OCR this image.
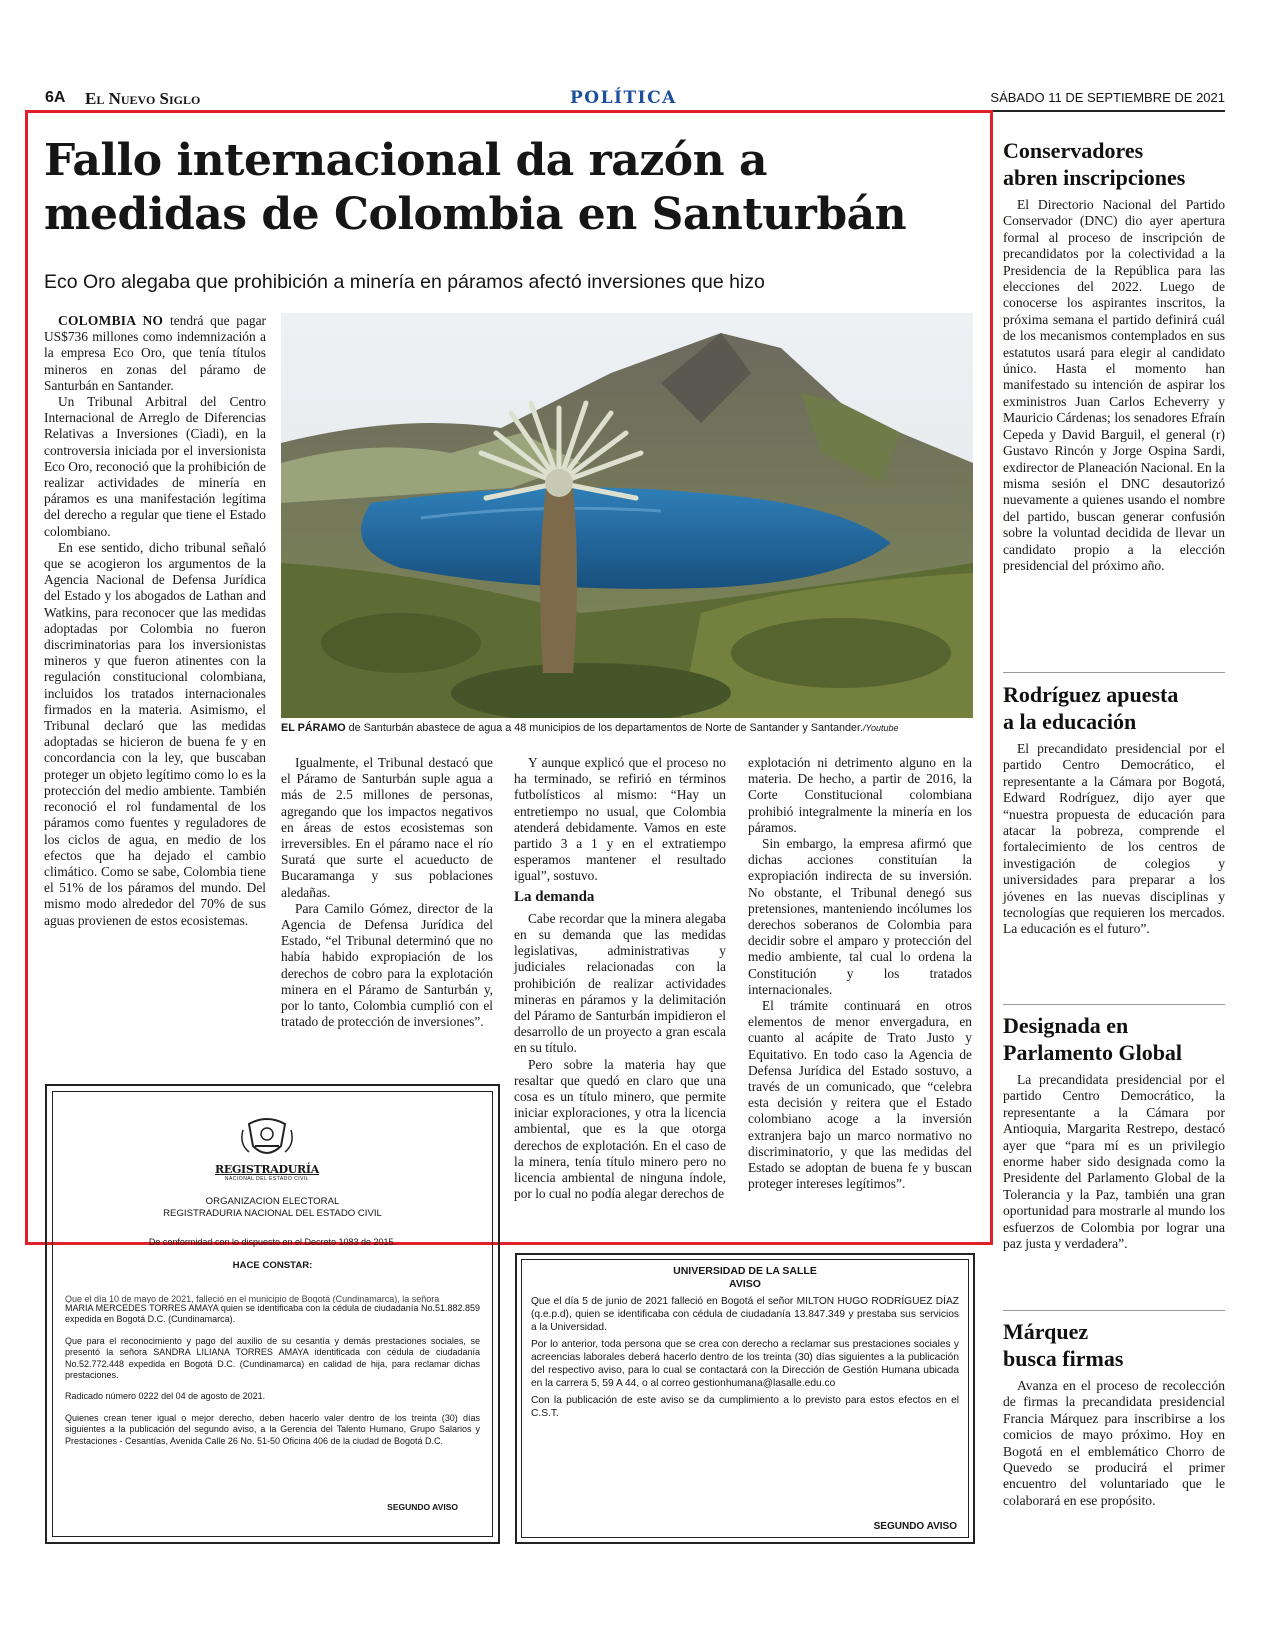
6A El Nuevo Siglo	POLÍTICA	SÁBADO 11 DE SEPTIEMBRE DE 2021
Fallo internacional da razón a
medidas de Colombia en Santurbán
Eco Oro alegaba que prohibición a minería en páramos afectó inversiones que hizo

COLOMBIA NO tendrá que pagar US$736 millones como indemnización a la empresa Eco Oro, que tenía títulos mineros en zonas del páramo de Santurbán en Santander.

Un Tribunal Arbitral del Centro Internacional de Arreglo de Diferencias Relativas a Inversiones (Ciadi), en la controversia iniciada por el inversionista Eco Oro, reconoció que la prohibición de realizar actividades de minería en páramos es una manifestación legítima del derecho a regular que tiene el Estado colombiano.

En ese sentido, dicho tribunal señaló que se acogieron los argumentos de la Agencia Nacional de Defensa Jurídica del Estado y los abogados de Lathan and Watkins, para reconocer que las medidas adoptadas por Colombia no fueron discriminatorias para los inversionistas mineros y que fueron atinentes con la regulación constitucional colombiana, incluidos los tratados internacionales firmados en la materia. Asimismo, el Tribunal declaró que las medidas adoptadas se hicieron de buena fe y en concordancia con la ley, que buscaban proteger un objeto legítimo como lo es la protección del medio ambiente. También reconoció el rol fundamental de los páramos como fuentes y reguladores de los ciclos de agua, en medio de los efectos que ha dejado el cambio climático. Como se sabe, Colombia tiene el 51% de los páramos del mundo. Del mismo modo alrededor del 70% de sus aguas provienen de estos ecosistemas.

EL PÁRAMO de Santurbán abastece de agua a 48 municipios de los departamentos de Norte de Santander y Santander./Youtube

Igualmente, el Tribunal destacó que el Páramo de Santurbán suple agua a más de 2.5 millones de personas, agregando que los impactos negativos en áreas de estos ecosistemas son irreversibles. En el páramo nace el río Suratá que surte el acueducto de Bucaramanga y sus poblaciones aledañas.

Para Camilo Gómez, director de la Agencia de Defensa Jurídica del Estado, “el Tribunal determinó que no había habido expropiación de los derechos de cobro para la explotación minera en el Páramo de Santurbán y, por lo tanto, Colombia cumplió con el tratado de protección de inversiones”.

Y aunque explicó que el proceso no ha terminado, se refirió en términos futbolísticos al mismo: “Hay un entretiempo no usual, que Colombia atenderá debidamente. Vamos en este partido 3 a 1 y en el extratiempo esperamos mantener el resultado igual”, sostuvo.

La demanda

Cabe recordar que la minera alegaba en su demanda que las medidas legislativas, administrativas y judiciales relacionadas con la prohibición de realizar actividades mineras en páramos y la delimitación del Páramo de Santurbán impidieron el desarrollo de un proyecto a gran escala en su título.

Pero sobre la materia hay que resaltar que quedó en claro que una cosa es un título minero, que permite iniciar exploraciones, y otra la licencia ambiental, que es la que otorga derechos de explotación. En el caso de la minera, tenía título minero pero no licencia ambiental de ninguna índole, por lo cual no podía alegar derechos de

explotación ni detrimento alguno en la materia. De hecho, a partir de 2016, la Corte Constitucional colombiana prohibió integralmente la minería en los páramos.

Sin embargo, la empresa afirmó que dichas acciones constituían la expropiación indirecta de su inversión. No obstante, el Tribunal denegó sus pretensiones, manteniendo incólumes los derechos soberanos de Colombia para decidir sobre el amparo y protección del medio ambiente, tal cual lo ordena la Constitución y los tratados internacionales.

El trámite continuará en otros elementos de menor envergadura, en cuanto al acápite de Trato Justo y Equitativo. En todo caso la Agencia de Defensa Jurídica del Estado sostuvo, a través de un comunicado, que “celebra esta decisión y reitera que el Estado colombiano acoge a la inversión extranjera bajo un marco normativo no discriminatorio, y que las medidas del Estado se adoptan de buena fe y buscan proteger intereses legítimos”.

Conservadores
abren inscripciones

El Directorio Nacional del Partido Conservador (DNC) dio ayer apertura formal al proceso de inscripción de precandidatos por la colectividad a la Presidencia de la República para las elecciones del 2022. Luego de conocerse los aspirantes inscritos, la próxima semana el partido definirá cuál de los mecanismos contemplados en sus estatutos usará para elegir al candidato único. Hasta el momento han manifestado su intención de aspirar los exministros Juan Carlos Echeverry y Mauricio Cárdenas; los senadores Efraín Cepeda y David Barguil, el general (r) Gustavo Rincón y Jorge Ospina Sardi, exdirector de Planeación Nacional. En la misma sesión el DNC desautorizó nuevamente a quienes usando el nombre del partido, buscan generar confusión sobre la voluntad decidida de llevar un candidato propio a la elección presidencial del próximo año.

Rodríguez apuesta
a la educación

El precandidato presidencial por el partido Centro Democrático, el representante a la Cámara por Bogotá, Edward Rodríguez, dijo ayer que “nuestra propuesta de educación para atacar la pobreza, comprende el fortalecimiento de los centros de investigación de colegios y universidades para preparar a los jóvenes en las nuevas disciplinas y tecnologías que requieren los mercados. La educación es el futuro”.

Designada en
Parlamento Global

La precandidata presidencial por el partido Centro Democrático, la representante a la Cámara por Antioquia, Margarita Restrepo, destacó ayer que “para mí es un privilegio enorme haber sido designada como la Presidente del Parlamento Global de la Tolerancia y la Paz, también una gran oportunidad para mostrarle al mundo los esfuerzos de Colombia por lograr una paz justa y verdadera”.

Márquez
busca firmas

Avanza en el proceso de recolección de firmas la precandidata presidencial Francia Márquez para inscribirse a los comicios de mayo próximo. Hoy en Bogotá en el emblemático Chorro de Quevedo se producirá el primer encuentro del voluntariado que le colaborará en ese propósito.

REGISTRADURÍA
NACIONAL DEL ESTADO CIVIL
ORGANIZACION ELECTORAL
REGISTRADURIA NACIONAL DEL ESTADO CIVIL
De conformidad con lo dispuesto en el Decreto 1083 de 2015.
HACE CONSTAR:
Que el día 10 de mayo de 2021, falleció en el municipio de Bogotá (Cundinamarca), la señora
MARIA MERCEDES TORRES AMAYA quien se identificaba con la cédula de ciudadanía No.51.882.859 expedida en Bogotá D.C. (Cundinamarca).
Que para el reconocimiento y pago del auxilio de su cesantía y demás prestaciones sociales, se presentó la señora SANDRA LILIANA TORRES AMAYA identificada con cédula de ciudadanía No.52.772.448 expedida en Bogotá D.C. (Cundinamarca) en calidad de hija, para reclamar dichas prestaciones.
Radicado número 0222 del 04 de agosto de 2021.
Quienes crean tener igual o mejor derecho, deben hacerlo valer dentro de los treinta (30) días siguientes a la publicación del segundo aviso, a la Gerencia del Talento Humano, Grupo Salarios y Prestaciones - Cesantías, Avenida Calle 26 No. 51-50 Oficina 406 de la ciudad de Bogotá D.C.
SEGUNDO AVISO
UNIVERSIDAD DE LA SALLE
AVISO
Que el día 5 de junio de 2021 falleció en Bogotá el señor MILTON HUGO RODRÍGUEZ DÍAZ (q.e.p.d), quien se identificaba con cédula de ciudadanía 13.847.349 y prestaba sus servicios a la Universidad.
Por lo anterior, toda persona que se crea con derecho a reclamar sus prestaciones sociales y acreencias laborales deberá hacerlo dentro de los treinta (30) días siguientes a la publicación del respectivo aviso, para lo cual se contactará con la Dirección de Gestión Humana ubicada en la carrera 5, 59 A 44, o al correo gestionhumana@lasalle.edu.co
Con la publicación de este aviso se da cumplimiento a lo previsto para estos efectos en el C.S.T.
SEGUNDO AVISO
